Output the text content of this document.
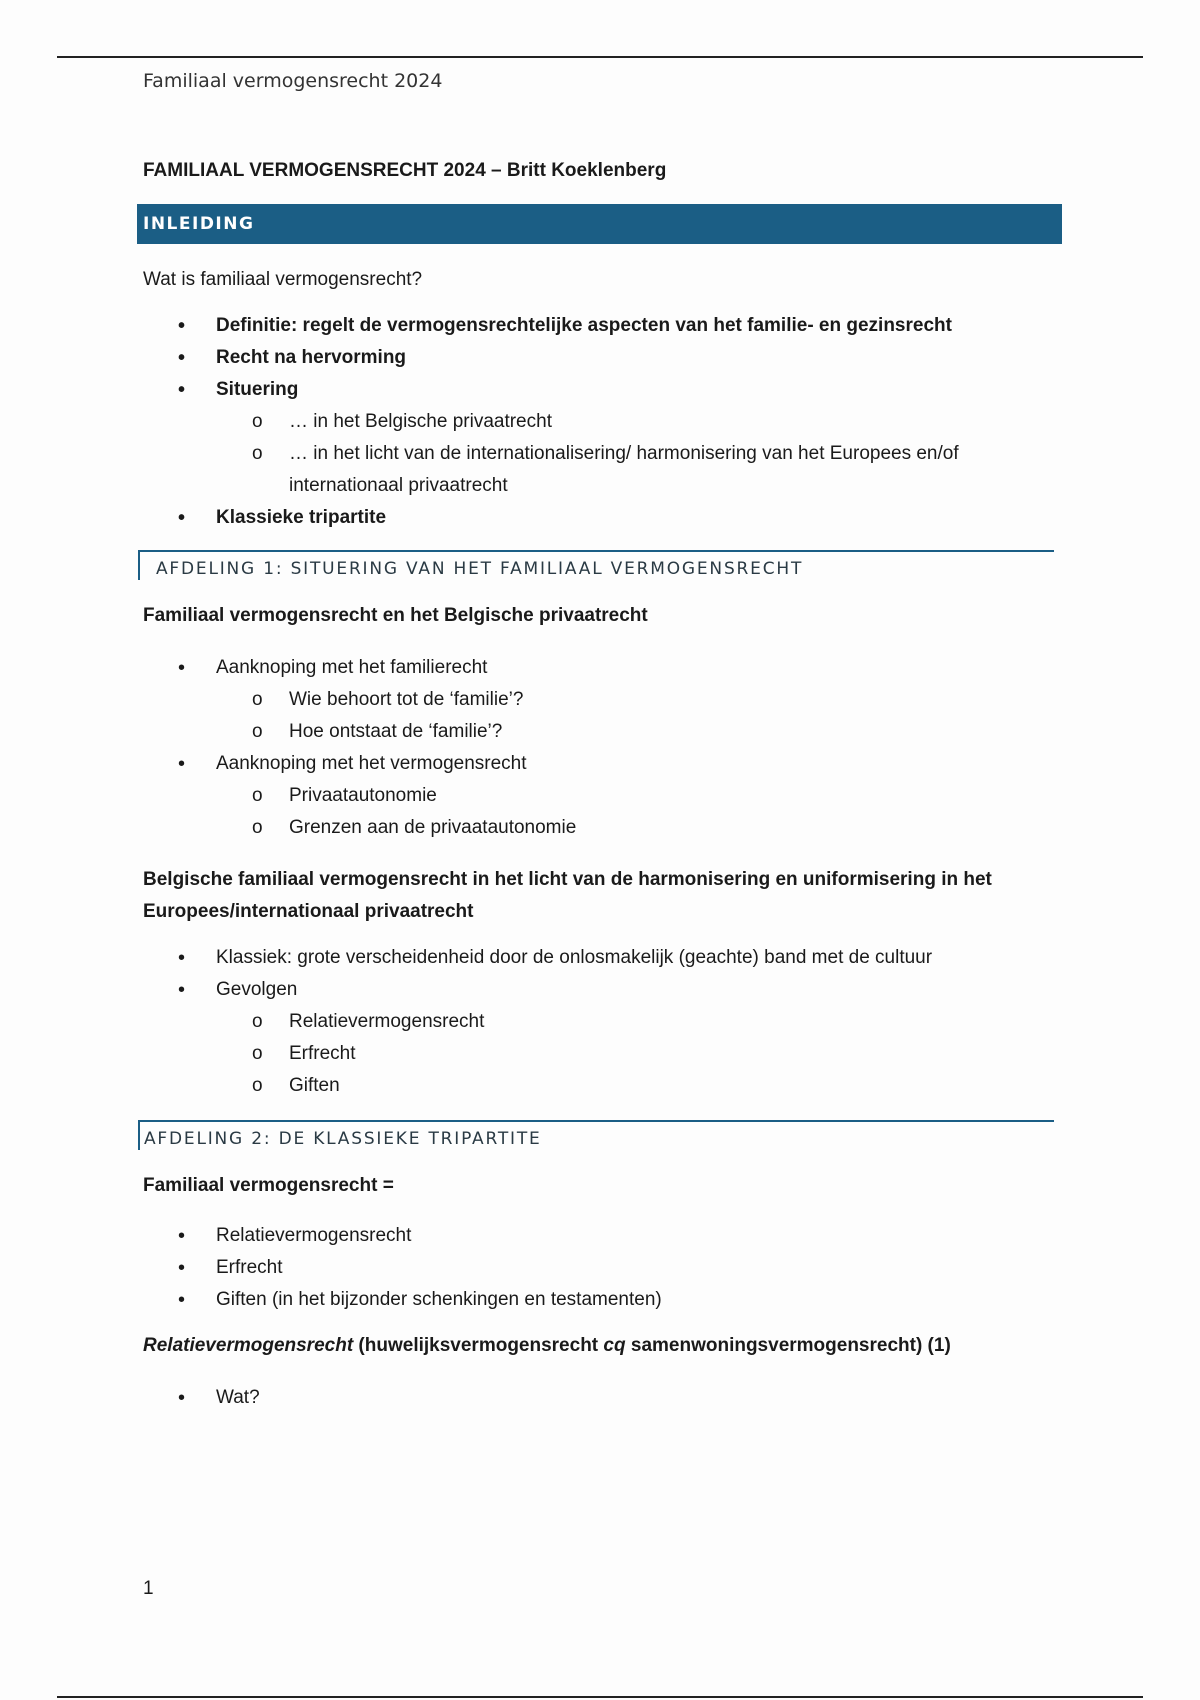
Familiaal vermogensrecht 2024
FAMILIAAL VERMOGENSRECHT 2024 – Britt Koeklenberg
INLEIDING

Wat is familiaal vermogensrecht?

• Definitie: regelt de vermogensrechtelijke aspecten van het familie- en gezinsrecht
• Recht na hervorming
• Situering
o … in het Belgische privaatrecht
o … in het licht van de internationalisering/ harmonisering van het Europees en/of internationaal privaatrecht
• Klassieke tripartite
AFDELING 1: SITUERING VAN HET FAMILIAAL VERMOGENSRECHT

Familiaal vermogensrecht en het Belgische privaatrecht

• Aanknoping met het familierecht
o Wie behoort tot de ‘familie’?
o Hoe ontstaat de ‘familie’?
• Aanknoping met het vermogensrecht
o Privaatautonomie
o Grenzen aan de privaatautonomie

Belgische familiaal vermogensrecht in het licht van de harmonisering en uniformisering in het Europees/internationaal privaatrecht

• Klassiek: grote verscheidenheid door de onlosmakelijk (geachte) band met de cultuur
• Gevolgen
o Relatievermogensrecht
o Erfrecht
o Giften
AFDELING 2: DE KLASSIEKE TRIPARTITE

Familiaal vermogensrecht =

• Relatievermogensrecht
• Erfrecht
• Giften (in het bijzonder schenkingen en testamenten)

Relatievermogensrecht (huwelijksvermogensrecht cq samenwoningsvermogensrecht) (1)

• Wat?
1
